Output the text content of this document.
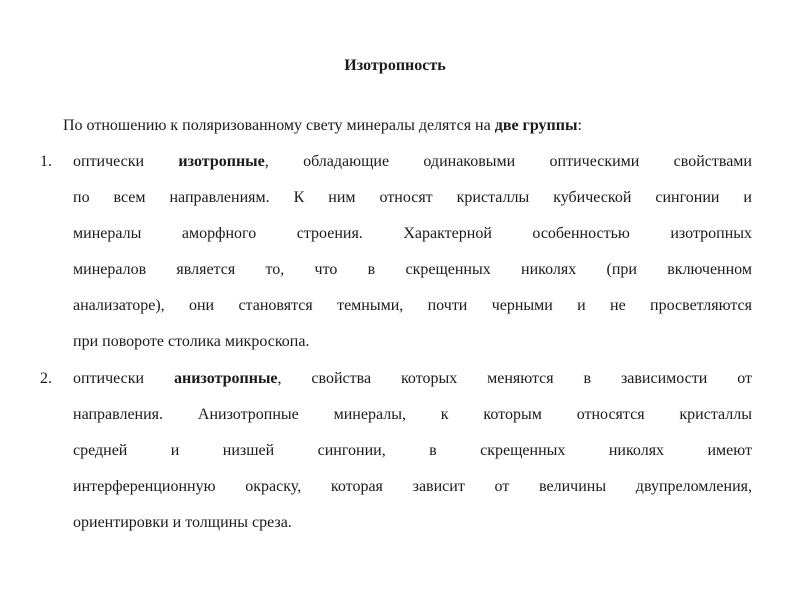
Изотропность
По отношению к поляризованному свету минералы делятся на две группы:
1. оптически изотропные, обладающие одинаковыми оптическими свойствами
по всем направлениям. К ним относят кристаллы кубической сингонии и
минералы аморфного строения. Характерной особенностью изотропных
минералов является то, что в скрещенных николях (при включенном
анализаторе), они становятся темными, почти черными и не просветляются
при повороте столика микроскопа.
2. оптически анизотропные, свойства которых меняются в зависимости от
направления. Анизотропные минералы, к которым относятся кристаллы
средней и низшей сингонии, в скрещенных николях имеют
интерференционную окраску, которая зависит от величины двупреломления,
ориентировки и толщины среза.
